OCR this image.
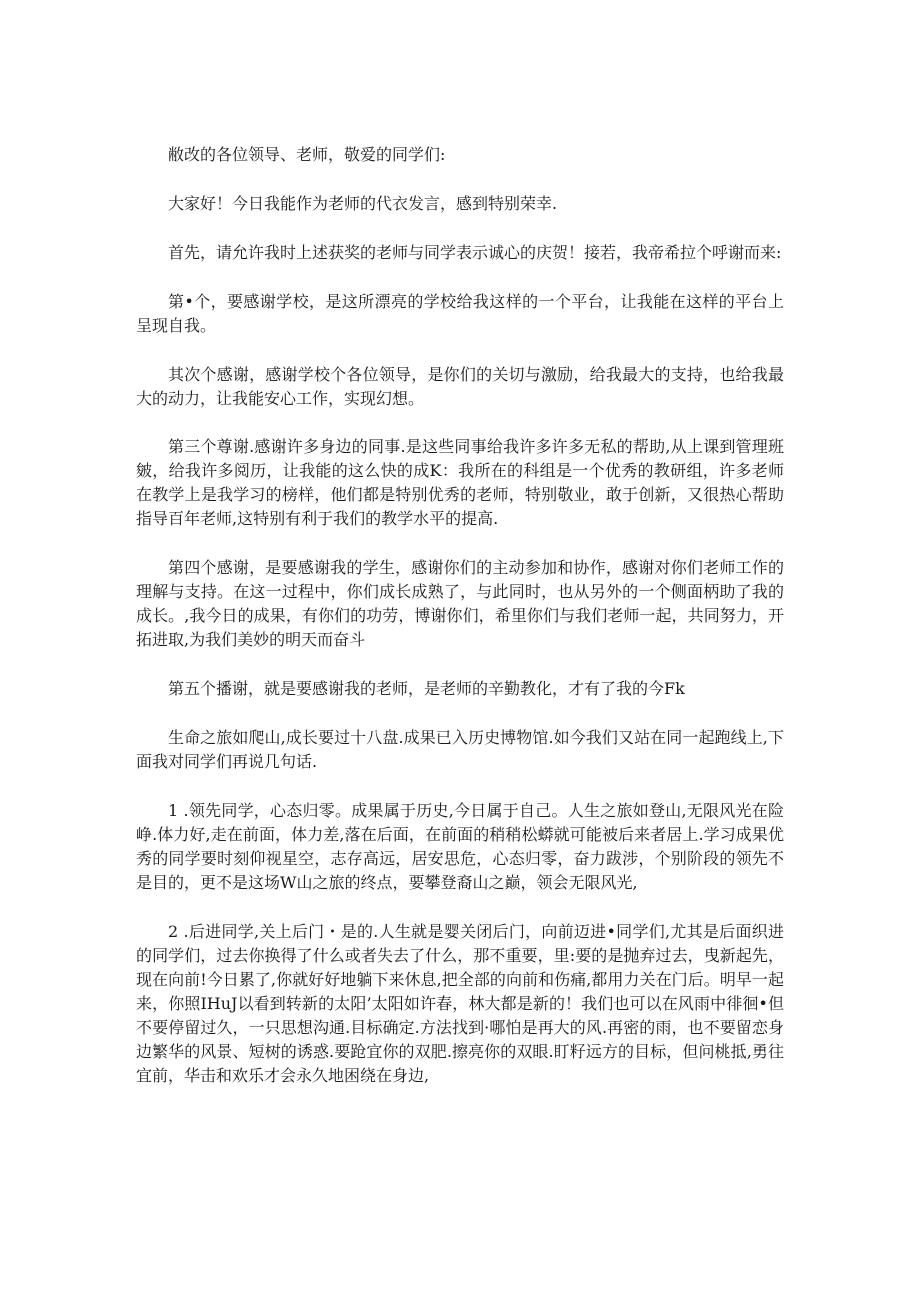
敝改的各位领导、老师，敬爱的同学们:

大家好！今日我能作为老师的代衣发言，感到特别荣幸.

首先，请允许我时上述获奖的老师与同学表示诚心的庆贺！接若，我帝希拉个呼谢而来:

第•个，要感谢学校，是这所漂亮的学校给我这样的一个平台，让我能在这样的平台上呈现自我。

其次个感谢，感谢学校个各位领导，是你们的关切与激励，给我最大的支持，也给我最大的动力，让我能安心工作，实现幻想。

第三个尊谢.感谢许多身边的同事.是这些同事给我许多许多无私的帮助,从上课到管理班皴，给我许多阅历，让我能的这么快的成K：我所在的科组是一个优秀的教研组，许多老师在教学上是我学习的榜样，他们都是特别优秀的老师，特别敬业，敢于创新，又很热心帮助指导百年老师,这特别有利于我们的教学水平的提高.

第四个感谢，是要感谢我的学生，感谢你们的主动参加和协作，感谢对你们老师工作的理解与支持。在这一过程中，你们成长成熟了，与此同时，也从另外的一个侧面柄助了我的成长。,我今日的成果，有你们的功劳，博谢你们，希里你们与我们老师一起，共同努力，开拓进取,为我们美妙的明天而奋斗

第五个播谢，就是要感谢我的老师，是老师的辛勤教化，才有了我的今Fk

生命之旅如爬山,成长要过十八盘.成果已入历史博物馆.如今我们又站在同一起跑线上,下面我对同学们再说几句话.

1 .领先同学，心态归零。成果属于历史,今日属于自己。人生之旅如登山,无限风光在险峥.体力好,走在前面，体力差,落在后面，在前面的稍稍松蟒就可能被后来者居上.学习成果优秀的同学要时刻仰视星空，志存高远，居安思危，心态归零，奋力跋涉，个别阶段的领先不是目的，更不是这场W山之旅的终点，要攀登裔山之巅，领会无限风光,

2 .后进同学,关上后门・是的.人生就是婴关闭后门，向前迈进•同学们,尤其是后面织进的同学们，过去你换得了什么或者失去了什么，那不重要，里:要的是抛弃过去，曳新起先，现在向前!今日累了,你就好好地躺下来休息,把全部的向前和伤痛,都用力关在门后。明早一起来，你照IHuJ以看到转新的太阳’太阳如许春，林大都是新的！我们也可以在风雨中徘徊•但不要停留过久，一只思想沟通.目标确定.方法找到·哪怕是再大的风.再密的雨，也不要留恋身边繁华的风景、短树的诱惑.要跄宜你的双肥.擦亮你的双眼.盯籽远方的目标，但问桃抵,勇往宜前，华击和欢乐才会永久地困绕在身边,
